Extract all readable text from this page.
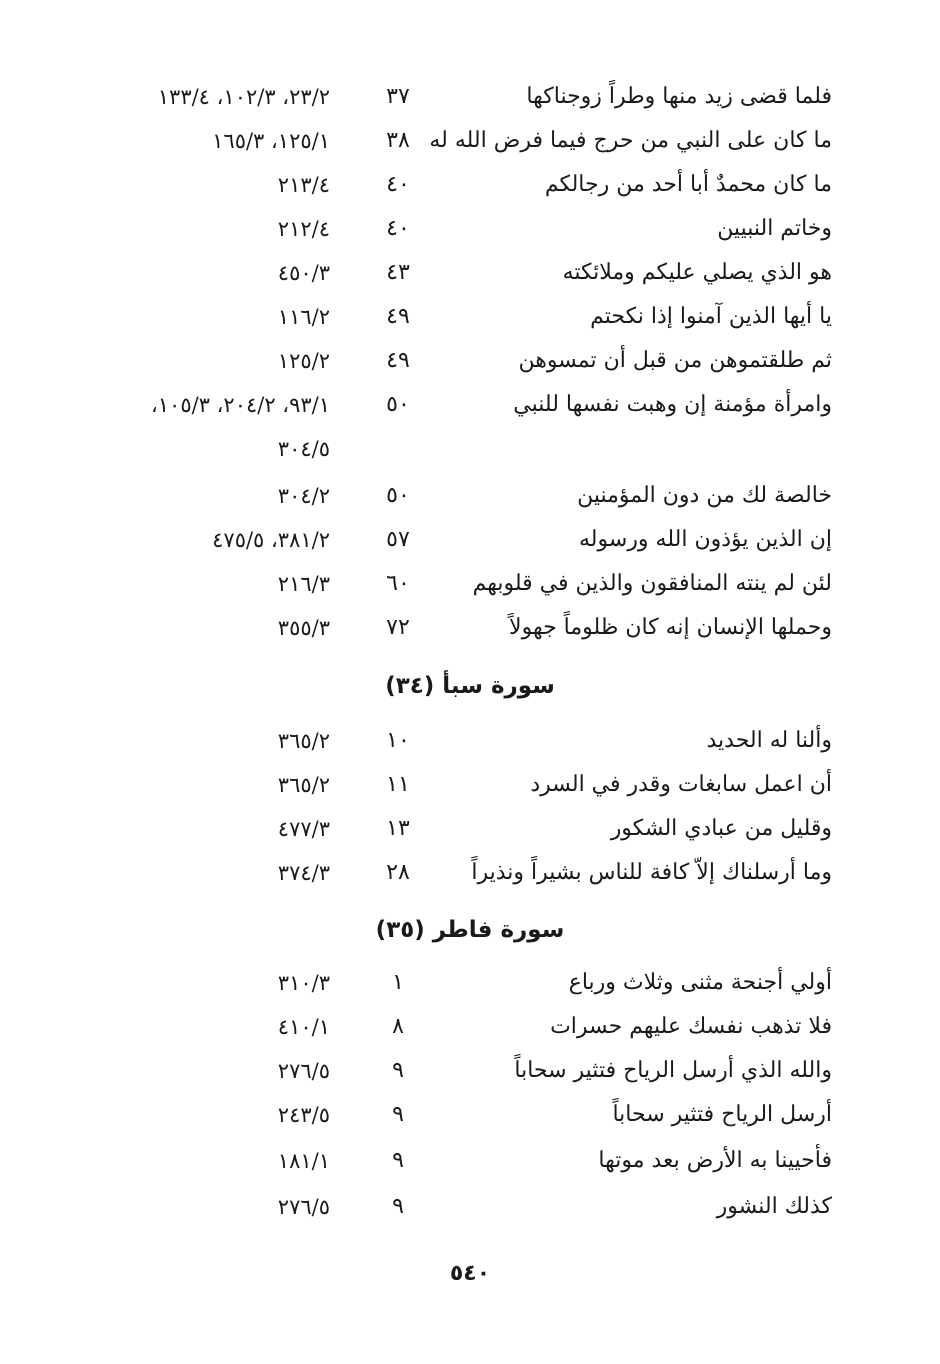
فلما قضى زيد منها وطراً زوجناكها
٣٧
٢٣/٢، ١٠٢/٣، ١٣٣/٤
ما كان على النبي من حرج فيما فرض الله له
٣٨
١٢٥/١، ١٦٥/٣
ما كان محمدٌ أبا أحد من رجالكم
٤٠
٢١٣/٤
وخاتم النبيين
٤٠
٢١٢/٤
هو الذي يصلي عليكم وملائكته
٤٣
٤٥٠/٣
يا أيها الذين آمنوا إذا نكحتم
٤٩
١١٦/٢
ثم طلقتموهن من قبل أن تمسوهن
٤٩
١٢٥/٢
وامرأة مؤمنة إن وهبت نفسها للنبي
٥٠
٩٣/١، ٢٠٤/٢، ١٠٥/٣،
٣٠٤/٥
خالصة لك من دون المؤمنين
٥٠
٣٠٤/٢
إن الذين يؤذون الله ورسوله
٥٧
٣٨١/٢، ٤٧٥/٥
لئن لم ينته المنافقون والذين في قلوبهم
٦٠
٢١٦/٣
وحملها الإنسان إنه كان ظلوماً جهولاً
٧٢
٣٥٥/٣
سورة سبأ (٣٤)
وألنا له الحديد
١٠
٣٦٥/٢
أن اعمل سابغات وقدر في السرد
١١
٣٦٥/٢
وقليل من عبادي الشكور
١٣
٤٧٧/٣
وما أرسلناك إلاّ كافة للناس بشيراً ونذيراً
٢٨
٣٧٤/٣
سورة فاطر (٣٥)
أولي أجنحة مثنى وثلاث ورباع
١
٣١٠/٣
فلا تذهب نفسك عليهم حسرات
٨
٤١٠/١
والله الذي أرسل الرياح فتثير سحاباً
٩
٢٧٦/٥
أرسل الرياح فتثير سحاباً
٩
٢٤٣/٥
فأحيينا به الأرض بعد موتها
٩
١٨١/١
كذلك النشور
٩
٢٧٦/٥
٥٤٠
